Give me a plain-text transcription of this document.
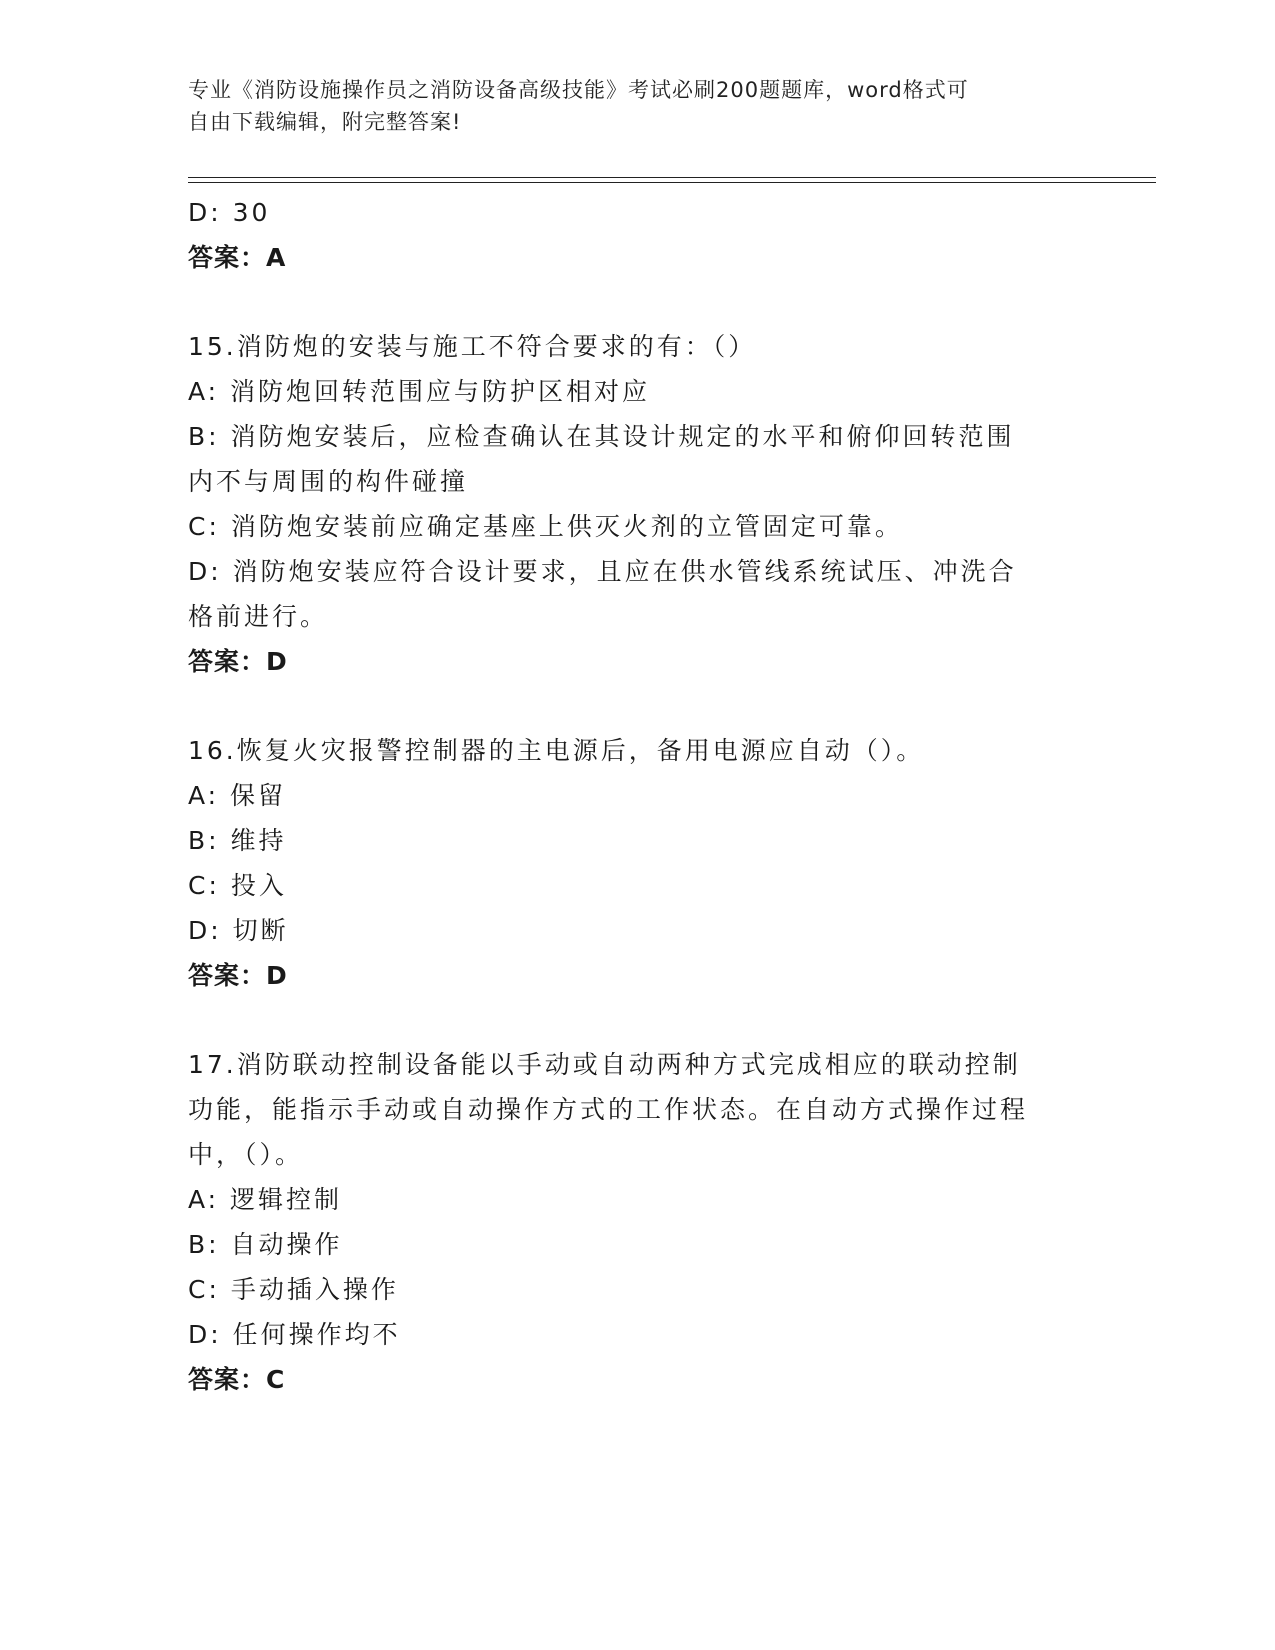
专业《消防设施操作员之消防设备高级技能》考试必刷200题题库，word格式可
自由下载编辑，附完整答案!
D: 30
答案：A
15.消防炮的安装与施工不符合要求的有：（）
A: 消防炮回转范围应与防护区相对应
B: 消防炮安装后，应检查确认在其设计规定的水平和俯仰回转范围内不与周围的构件碰撞
C: 消防炮安装前应确定基座上供灭火剂的立管固定可靠。
D: 消防炮安装应符合设计要求，且应在供水管线系统试压、冲洗合格前进行。
答案：D
16.恢复火灾报警控制器的主电源后，备用电源应自动（）。
A: 保留
B: 维持
C: 投入
D: 切断
答案：D
17.消防联动控制设备能以手动或自动两种方式完成相应的联动控制功能，能指示手动或自动操作方式的工作状态。在自动方式操作过程中，（）。
A: 逻辑控制
B: 自动操作
C: 手动插入操作
D: 任何操作均不
答案：C
